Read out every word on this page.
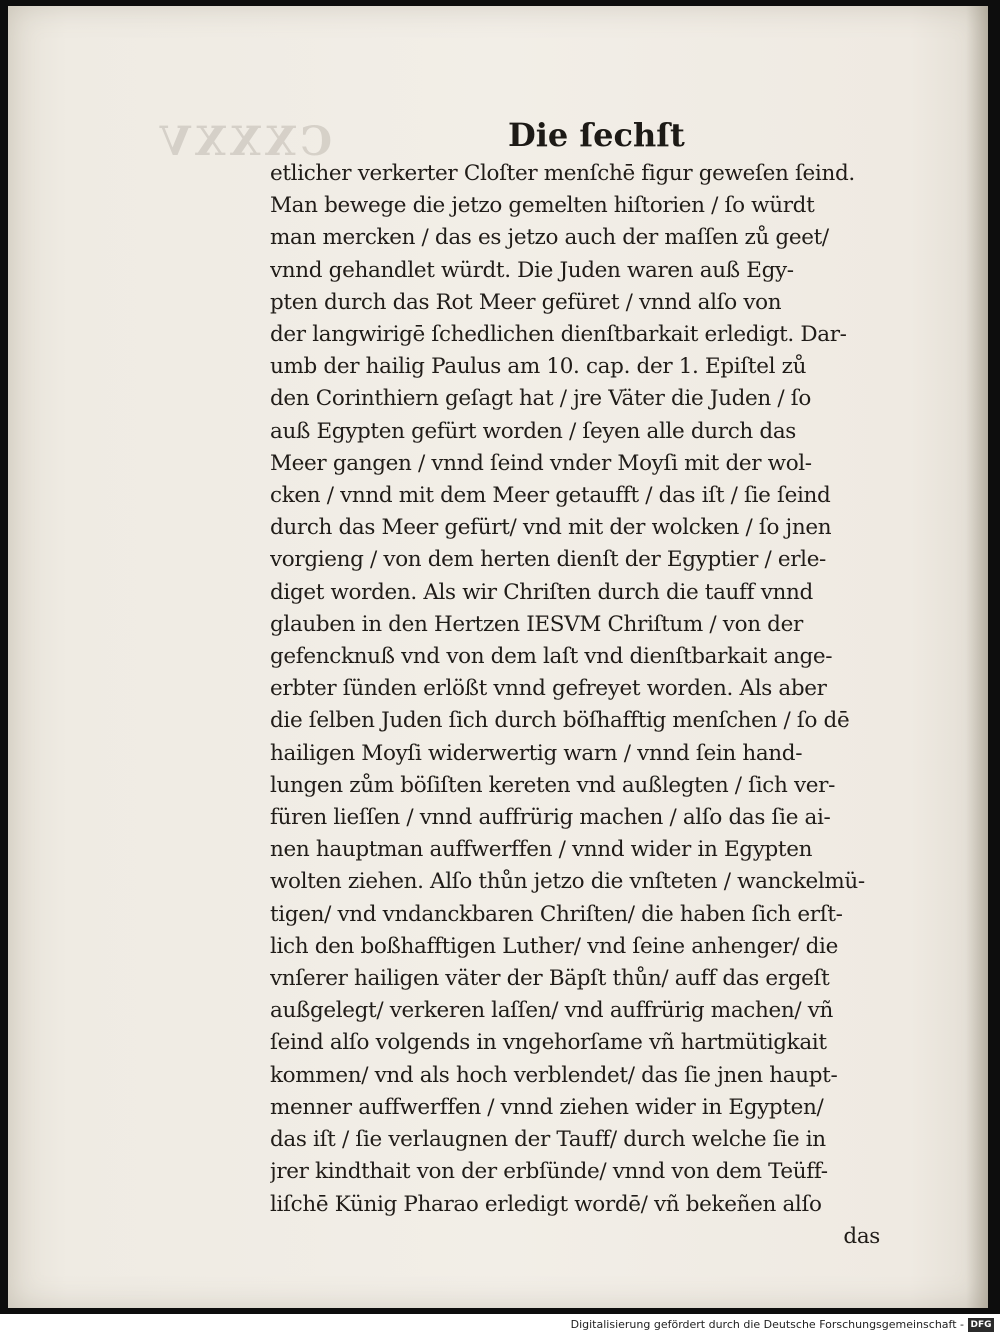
CXXXV	Die ſechſt
etlicher verkerter Cloſter menſchē figur geweſen ſeind.
Man bewege die jetzo gemelten hiſtorien / ſo würdt
man mercken / das es jetzo auch der maſſen zů geet/
vnnd gehandlet würdt. Die Juden waren auß Egy-
pten durch das Rot Meer gefüret / vnnd alſo von
der langwirigē ſchedlichen dienſtbarkait erledigt. Dar-
umb der hailig Paulus am 10. cap. der 1. Epiſtel zů
den Corinthiern geſagt hat / jre Väter die Juden / ſo
auß Egypten gefürt worden / ſeyen alle durch das
Meer gangen / vnnd ſeind vnder Moyſi mit der wol-
cken / vnnd mit dem Meer getaufft / das iſt / ſie ſeind
durch das Meer gefürt/ vnd mit der wolcken / ſo jnen
vorgieng / von dem herten dienſt der Egyptier / erle-
diget worden. Als wir Chriſten durch die tauff vnnd
glauben in den Hertzen IESVM Chriſtum / von der
gefencknuß vnd von dem laſt vnd dienſtbarkait ange-
erbter ſünden erlößt vnnd gefreyet worden. Als aber
die ſelben Juden ſich durch böſhafftig menſchen / ſo dē
hailigen Moyſi widerwertig warn / vnnd ſein hand-
lungen zům böſiſten kereten vnd außlegten / ſich ver-
füren lieſſen / vnnd auffrürig machen / alſo das ſie ai-
nen hauptman auffwerffen / vnnd wider in Egypten
wolten ziehen. Alſo thůn jetzo die vnſteten / wanckelmü-
tigen/ vnd vndanckbaren Chriſten/ die haben ſich erſt-
lich den boßhafftigen Luther/ vnd ſeine anhenger/ die
vnſerer hailigen väter der Bäpſt thůn/ auff das ergeſt
außgelegt/ verkeren laſſen/ vnd auffrürig machen/ vñ
ſeind alſo volgends in vngehorſame vñ hartmütigkait
kommen/ vnd als hoch verblendet/ das ſie jnen haupt-
menner auffwerffen / vnnd ziehen wider in Egypten/
das iſt / ſie verlaugnen der Tauff/ durch welche ſie in
jrer kindthait von der erbſünde/ vnnd von dem Teüff-
liſchē Künig Pharao erledigt wordē/ vñ bekeñen alſo
das
Digitalisierung gefördert durch die Deutsche Forschungsgemeinschaft - DFG
